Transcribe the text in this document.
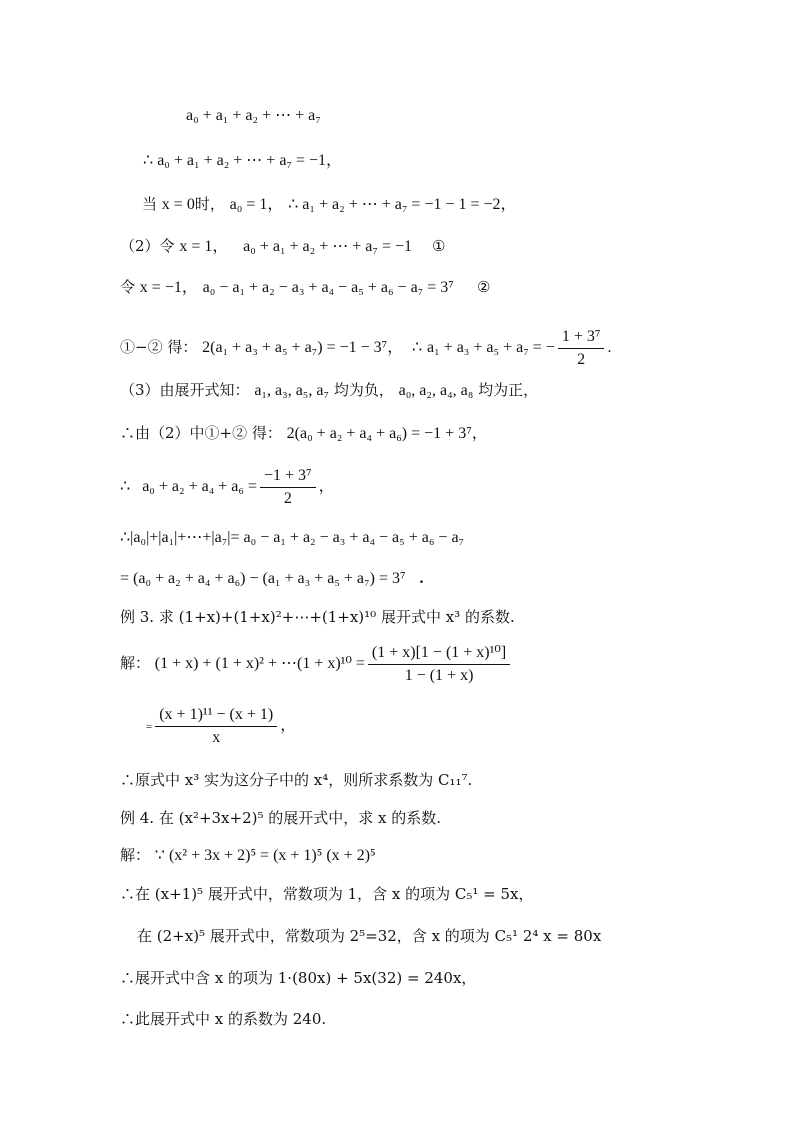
a₀ + a₁ + a₂ + ⋯ + a₇
∴ a₀ + a₁ + a₂ + ⋯ + a₇ = −1，
当 x = 0时， a₀ = 1， ∴ a₁ + a₂ + ⋯ + a₇ = −1 − 1 = −2，
（2）令 x = 1， a₀ + a₁ + a₂ + ⋯ + a₇ = −1 ①
令 x = −1， a₀ − a₁ + a₂ − a₃ + a₄ − a₅ + a₆ − a₇ = 3⁷ ②
①−② 得： 2(a₁ + a₃ + a₅ + a₇) = −1 − 3⁷， ∴ a₁ + a₃ + a₅ + a₇ = − $\frac{\text{1 + 3⁷}}{2}$ .
（3）由展开式知： a₁, a₃, a₅, a₇ 均为负， a₀, a₂, a₄, a₈ 均为正，
∴由（2）中①+② 得： 2(a₀ + a₂ + a₄ + a₆) = −1 + 3⁷，
∴ $a_0 + a_2 + a_4 + a_6 = \frac{\text{−1 + 3⁷}}{2}$ ，
∴|a₀|+|a₁|+⋯+|a₇|= a₀ − a₁ + a₂ − a₃ + a₄ − a₅ + a₆ − a₇
= (a₀ + a₂ + a₄ + a₆) − (a₁ + a₃ + a₅ + a₇) = 3⁷ .
例 3. 求 (1+x)+(1+x)²+⋯+(1+x)¹⁰ 展开式中 x³ 的系数.
解： (1 + x) + (1 + x)² + ⋯(1 + $x)^{10} = \frac{\text{(1 + x)[1 − (1 + x)¹⁰]}}{1 - (1 + x)}$
= $\frac{\text{(x + 1)¹¹ − (x + 1)}}{x}$ ，
∴原式中 x³ 实为这分子中的 x⁴，则所求系数为 C₁₁⁷.
例 4. 在 (x²+3x+2)⁵ 的展开式中，求 x 的系数.
解： ∵ (x² + 3x + 2)⁵ = (x + 1)⁵ (x + 2)⁵
∴在 (x+1)⁵ 展开式中，常数项为 1，含 x 的项为 C₅¹ = 5x，
在 (2+x)⁵ 展开式中，常数项为 2⁵=32，含 x 的项为 C₅¹ 2⁴ x = 80x
∴展开式中含 x 的项为 1·(80x) + 5x(32) = 240x，
∴此展开式中 x 的系数为 240.
